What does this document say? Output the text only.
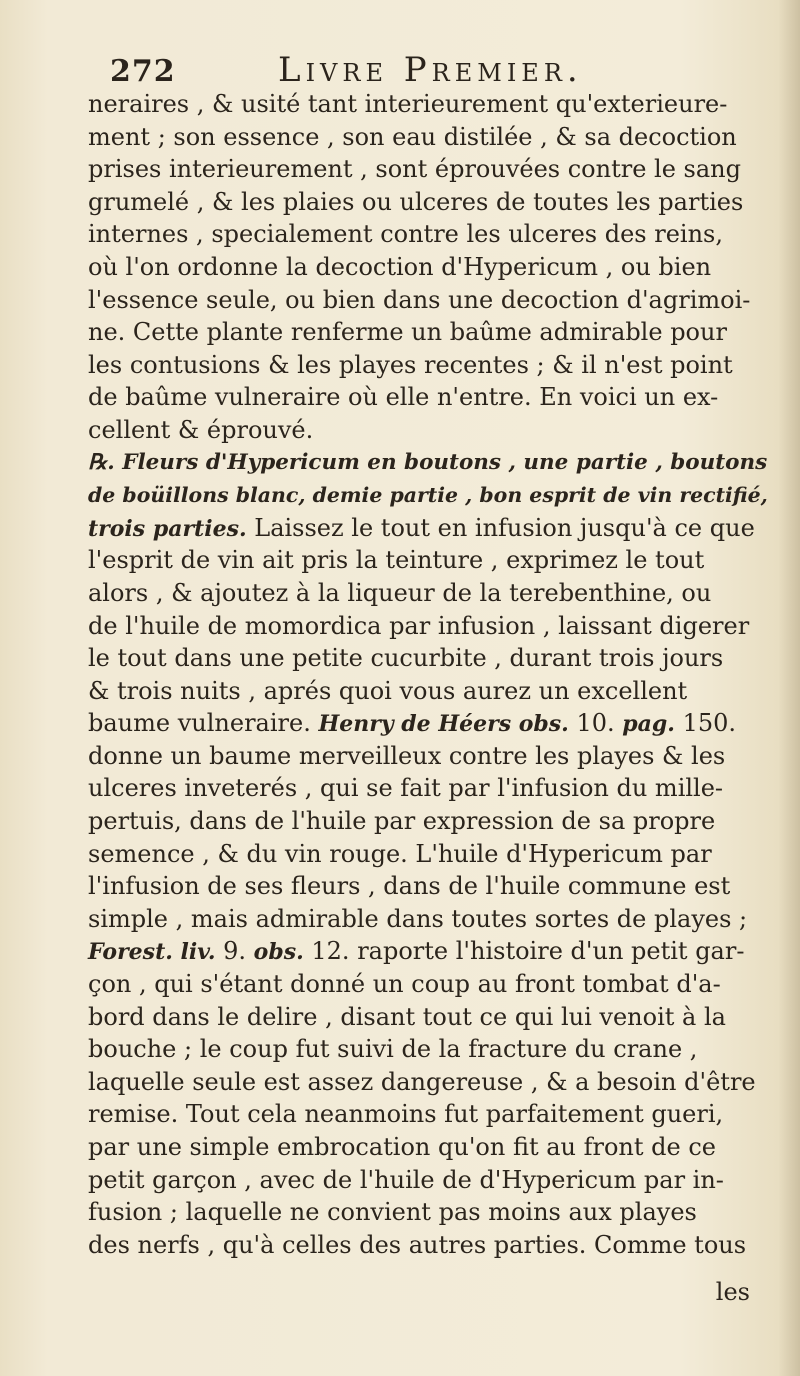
272	Livre Premier.
neraires , & usité tant interieurement qu'exterieure-
ment ; son essence , son eau distilée , & sa decoction
prises interieurement , sont éprouvées contre le sang
grumelé , & les plaies ou ulceres de toutes les parties
internes , specialement contre les ulceres des reins,
où l'on ordonne la decoction d'Hypericum , ou bien
l'essence seule, ou bien dans une decoction d'agrimoi-
ne. Cette plante renferme un baûme admirable pour
les contusions & les playes recentes ; & il n'est point
de baûme vulneraire où elle n'entre. En voici un ex-
cellent & éprouvé.
℞. Fleurs d'Hypericum en boutons , une partie , boutons
de boüillons blanc, demie partie , bon esprit de vin rectifié,
trois parties. Laissez le tout en infusion jusqu'à ce que
l'esprit de vin ait pris la teinture , exprimez le tout
alors , & ajoutez à la liqueur de la terebenthine, ou
de l'huile de momordica par infusion , laissant digerer
le tout dans une petite cucurbite , durant trois jours
& trois nuits , aprés quoi vous aurez un excellent
baume vulneraire. Henry de Héers obs. 10. pag. 150.
donne un baume merveilleux contre les playes & les
ulceres inveterés , qui se fait par l'infusion du mille-
pertuis, dans de l'huile par expression de sa propre
semence , & du vin rouge. L'huile d'Hypericum par
l'infusion de ses fleurs , dans de l'huile commune est
simple , mais admirable dans toutes sortes de playes ;
Forest. liv. 9. obs. 12. raporte l'histoire d'un petit gar-
çon , qui s'étant donné un coup au front tombat d'a-
bord dans le delire , disant tout ce qui lui venoit à la
bouche ; le coup fut suivi de la fracture du crane ,
laquelle seule est assez dangereuse , & a besoin d'être
remise. Tout cela neanmoins fut parfaitement gueri,
par une simple embrocation qu'on fit au front de ce
petit garçon , avec de l'huile de d'Hypericum par in-
fusion ; laquelle ne convient pas moins aux playes
des nerfs , qu'à celles des autres parties. Comme tous
les
